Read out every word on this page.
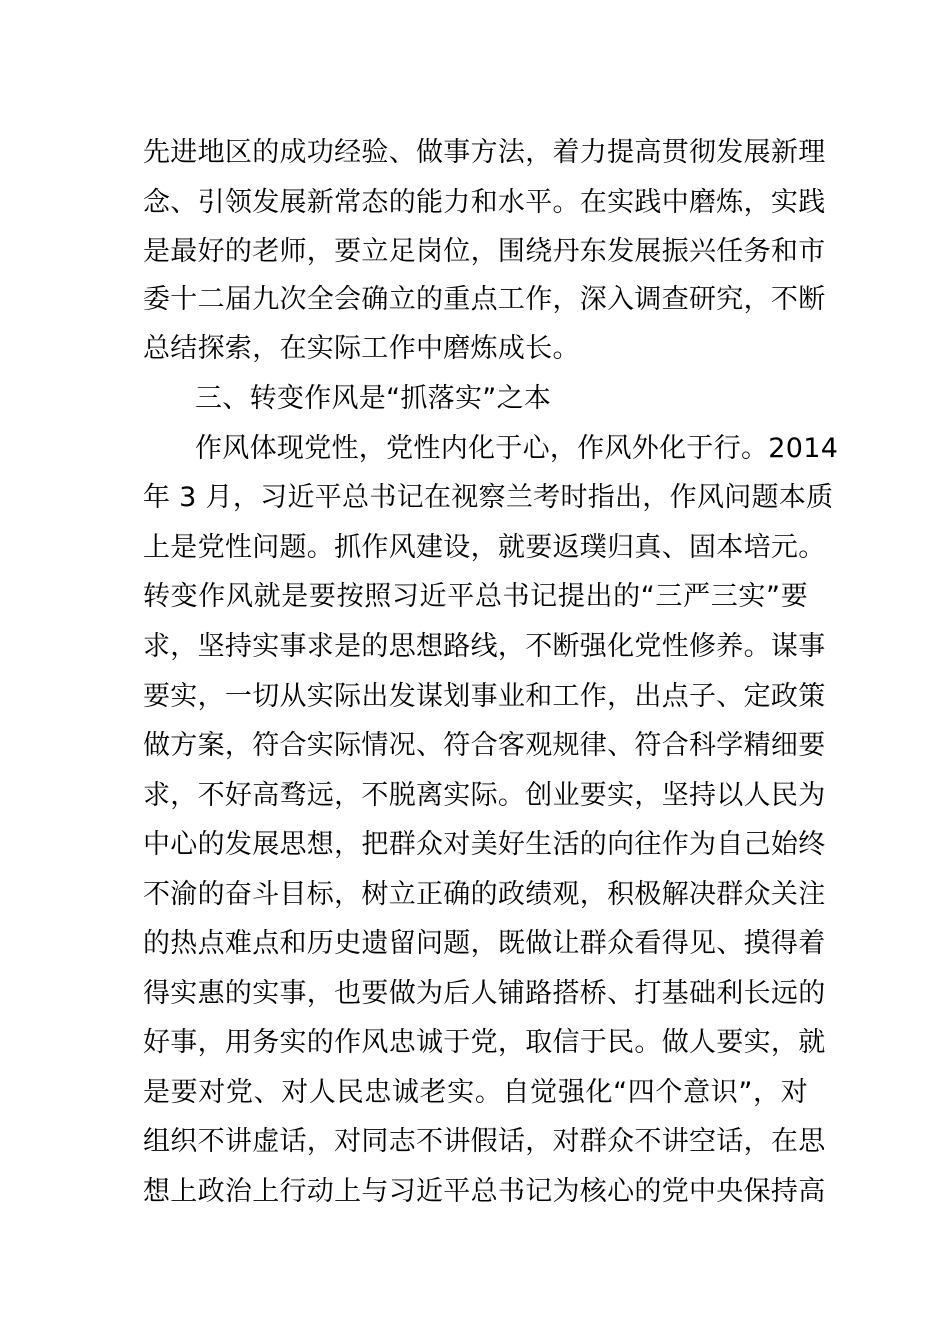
先进地区的成功经验、做事方法，着力提高贯彻发展新理
念、引领发展新常态的能力和水平。在实践中磨炼，实践
是最好的老师，要立足岗位，围绕丹东发展振兴任务和市
委十二届九次全会确立的重点工作，深入调查研究，不断
总结探索，在实际工作中磨炼成长。
三、转变作风是“抓落实”之本
作风体现党性，党性内化于心，作风外化于行。2014
年 3 月，习近平总书记在视察兰考时指出，作风问题本质
上是党性问题。抓作风建设，就要返璞归真、固本培元。
转变作风就是要按照习近平总书记提出的“三严三实”要
求，坚持实事求是的思想路线，不断强化党性修养。谋事
要实，一切从实际出发谋划事业和工作，出点子、定政策
做方案，符合实际情况、符合客观规律、符合科学精细要
求，不好高骛远，不脱离实际。创业要实，坚持以人民为
中心的发展思想，把群众对美好生活的向往作为自己始终
不渝的奋斗目标，树立正确的政绩观，积极解决群众关注
的热点难点和历史遗留问题，既做让群众看得见、摸得着
得实惠的实事，也要做为后人铺路搭桥、打基础利长远的
好事，用务实的作风忠诚于党，取信于民。做人要实，就
是要对党、对人民忠诚老实。自觉强化“四个意识”，对
组织不讲虚话，对同志不讲假话，对群众不讲空话，在思
想上政治上行动上与习近平总书记为核心的党中央保持高
